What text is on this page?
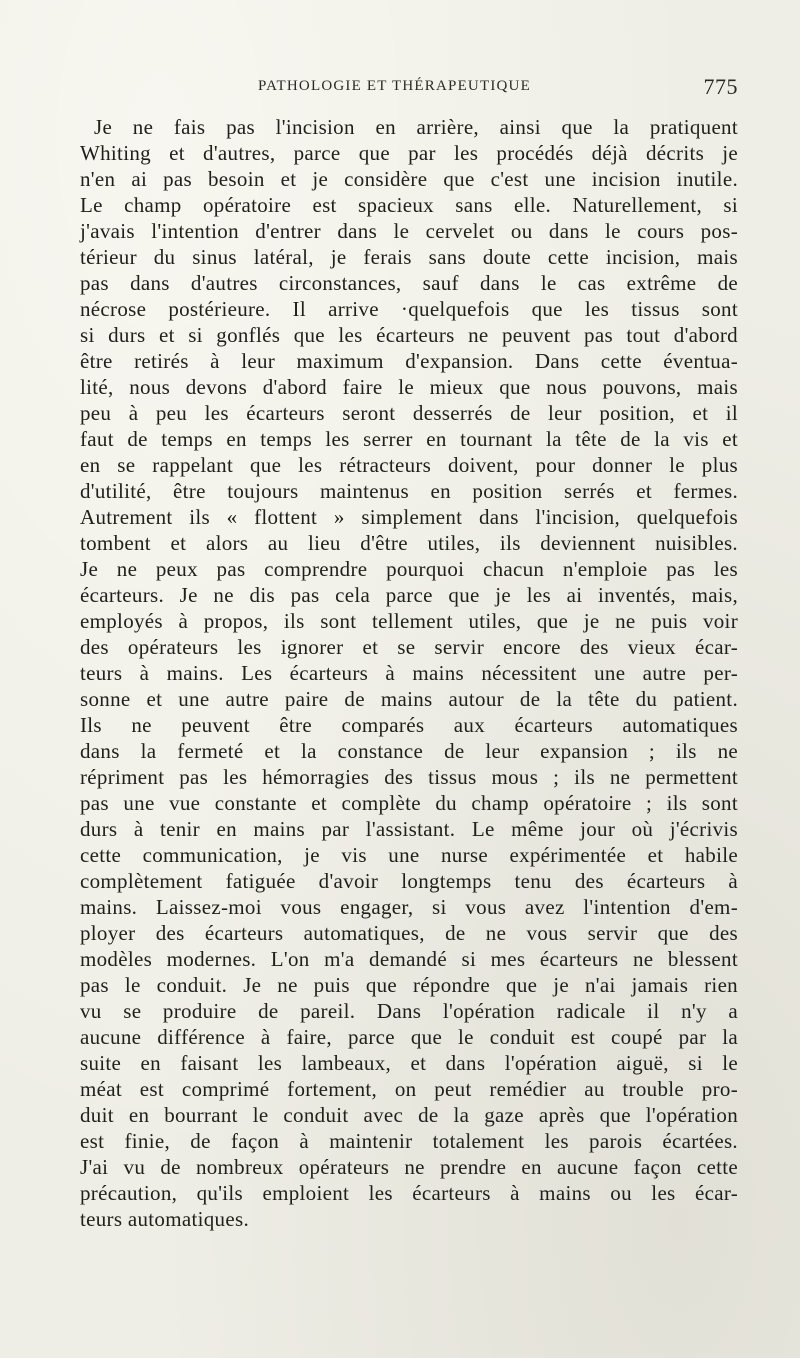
PATHOLOGIE ET THÉRAPEUTIQUE	775
Je ne fais pas l'incision en arrière, ainsi que la pratiquent
Whiting et d'autres, parce que par les procédés déjà décrits je
n'en ai pas besoin et je considère que c'est une incision inutile.
Le champ opératoire est spacieux sans elle. Naturellement, si
j'avais l'intention d'entrer dans le cervelet ou dans le cours pos-
térieur du sinus latéral, je ferais sans doute cette incision, mais
pas dans d'autres circonstances, sauf dans le cas extrême de
nécrose postérieure. Il arrive ·quelquefois que les tissus sont
si durs et si gonflés que les écarteurs ne peuvent pas tout d'abord
être retirés à leur maximum d'expansion. Dans cette éventua-
lité, nous devons d'abord faire le mieux que nous pouvons, mais
peu à peu les écarteurs seront desserrés de leur position, et il
faut de temps en temps les serrer en tournant la tête de la vis et
en se rappelant que les rétracteurs doivent, pour donner le plus
d'utilité, être toujours maintenus en position serrés et fermes.
Autrement ils « flottent » simplement dans l'incision, quelquefois
tombent et alors au lieu d'être utiles, ils deviennent nuisibles.
Je ne peux pas comprendre pourquoi chacun n'emploie pas les
écarteurs. Je ne dis pas cela parce que je les ai inventés, mais,
employés à propos, ils sont tellement utiles, que je ne puis voir
des opérateurs les ignorer et se servir encore des vieux écar-
teurs à mains. Les écarteurs à mains nécessitent une autre per-
sonne et une autre paire de mains autour de la tête du patient.
Ils ne peuvent être comparés aux écarteurs automatiques
dans la fermeté et la constance de leur expansion ; ils ne
répriment pas les hémorragies des tissus mous ; ils ne permettent
pas une vue constante et complète du champ opératoire ; ils sont
durs à tenir en mains par l'assistant. Le même jour où j'écrivis
cette communication, je vis une nurse expérimentée et habile
complètement fatiguée d'avoir longtemps tenu des écarteurs à
mains. Laissez-moi vous engager, si vous avez l'intention d'em-
ployer des écarteurs automatiques, de ne vous servir que des
modèles modernes. L'on m'a demandé si mes écarteurs ne blessent
pas le conduit. Je ne puis que répondre que je n'ai jamais rien
vu se produire de pareil. Dans l'opération radicale il n'y a
aucune différence à faire, parce que le conduit est coupé par la
suite en faisant les lambeaux, et dans l'opération aiguë, si le
méat est comprimé fortement, on peut remédier au trouble pro-
duit en bourrant le conduit avec de la gaze après que l'opération
est finie, de façon à maintenir totalement les parois écartées.
J'ai vu de nombreux opérateurs ne prendre en aucune façon cette
précaution, qu'ils emploient les écarteurs à mains ou les écar-
teurs automatiques.
